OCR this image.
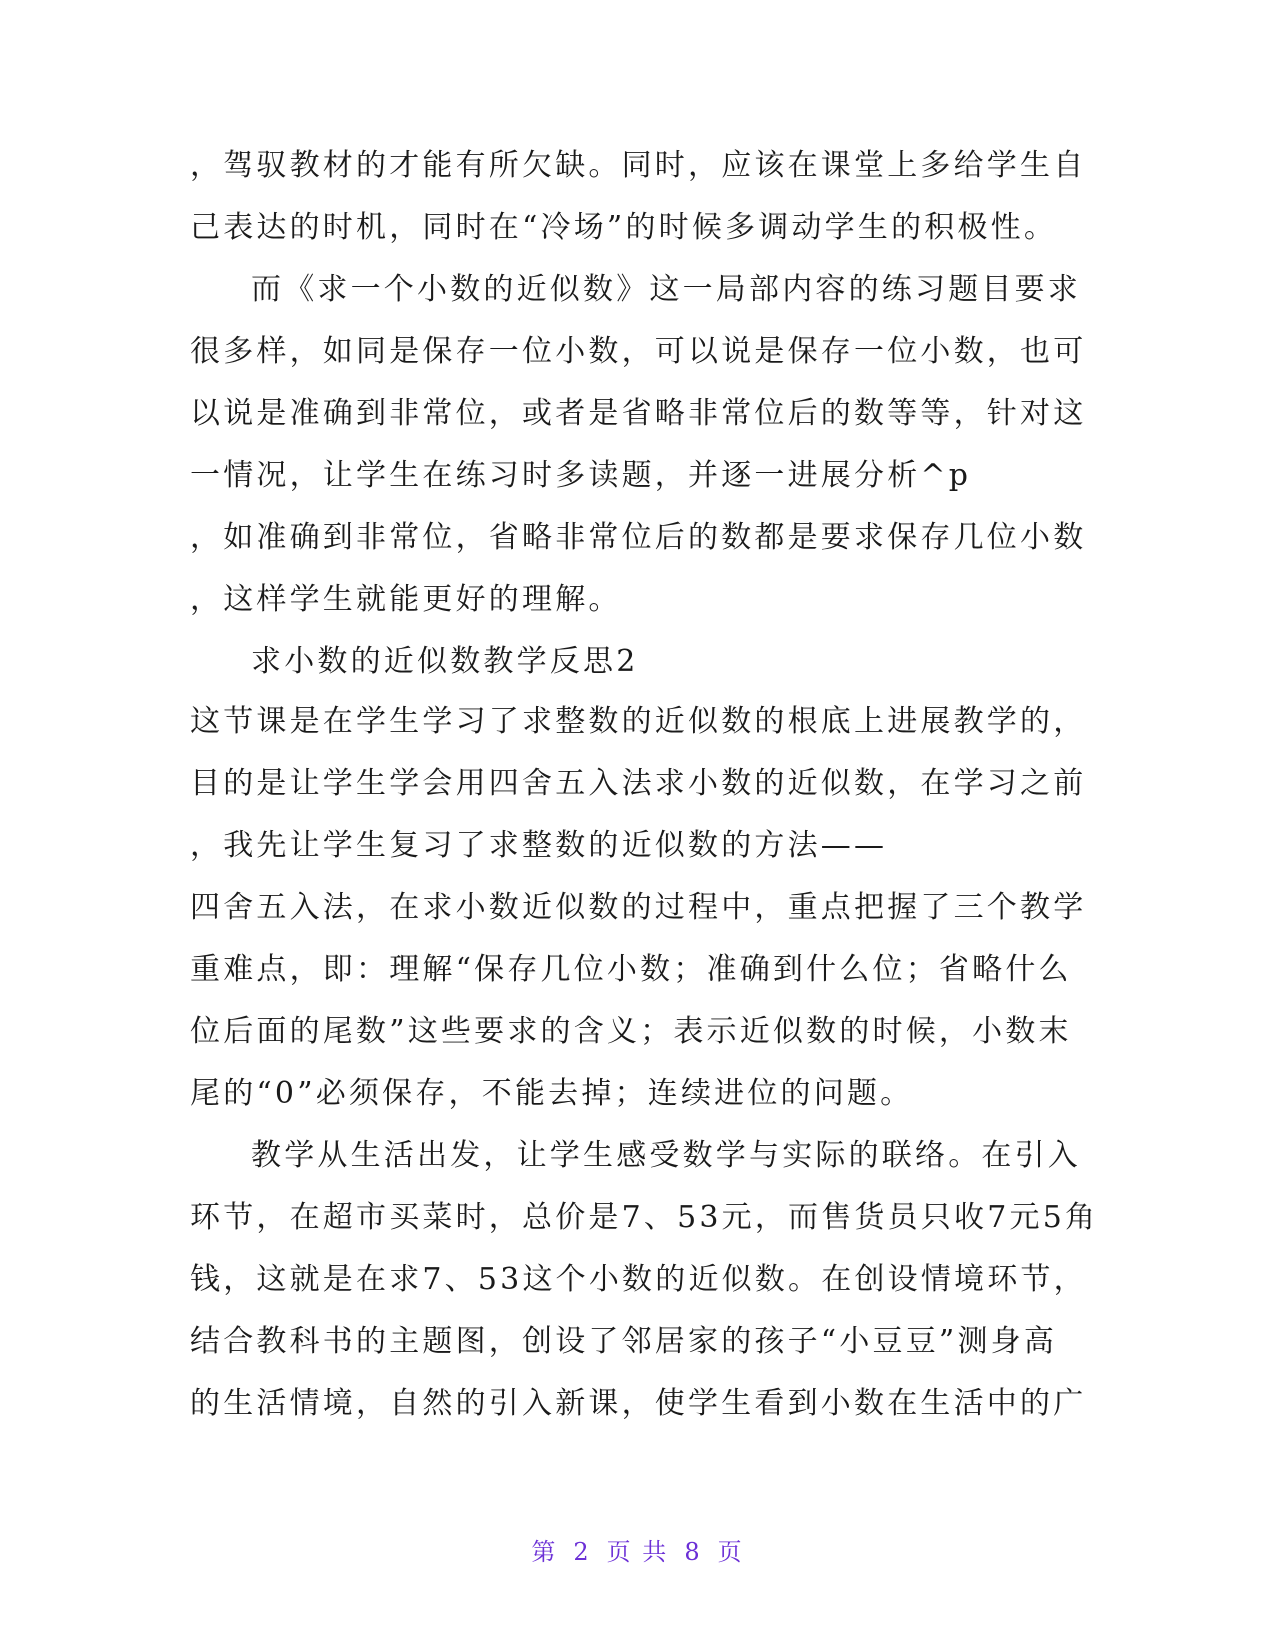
，驾驭教材的才能有所欠缺。同时，应该在课堂上多给学生自
己表达的时机，同时在“冷场”的时候多调动学生的积极性。
而《求一个小数的近似数》这一局部内容的练习题目要求
很多样，如同是保存一位小数，可以说是保存一位小数，也可
以说是准确到非常位，或者是省略非常位后的数等等，针对这
一情况，让学生在练习时多读题，并逐一进展分析^p
，如准确到非常位，省略非常位后的数都是要求保存几位小数
，这样学生就能更好的理解。
求小数的近似数教学反思2
这节课是在学生学习了求整数的近似数的根底上进展教学的，
目的是让学生学会用四舍五入法求小数的近似数，在学习之前
，我先让学生复习了求整数的近似数的方法——
四舍五入法，在求小数近似数的过程中，重点把握了三个教学
重难点，即：理解“保存几位小数；准确到什么位；省略什么
位后面的尾数”这些要求的含义；表示近似数的时候，小数末
尾的“0”必须保存，不能去掉；连续进位的问题。
教学从生活出发，让学生感受数学与实际的联络。在引入
环节，在超市买菜时，总价是7、53元，而售货员只收7元5角
钱，这就是在求7、53这个小数的近似数。在创设情境环节，
结合教科书的主题图，创设了邻居家的孩子“小豆豆”测身高
的生活情境，自然的引入新课，使学生看到小数在生活中的广
第 2 页 共 8 页
